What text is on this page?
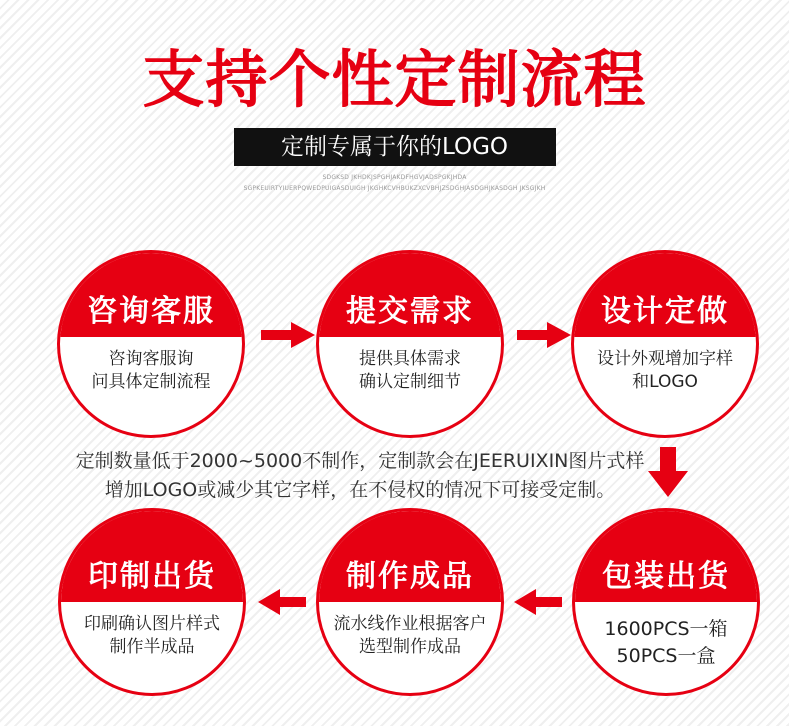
支持个性定制流程
定制专属于你的LOGO
SDGKSD JKHDKJSPGHJAKDFHGVJADSPGKJHDA
SGPKEUIRTYIUERPQWEDPUIGASDUIGH JKGHKCVHBUKZXCVBHJZSDGHJASDGHJKASDGH JKSGJKH
咨询客服
咨询客服询
问具体定制流程
提交需求
提供具体需求
确认定制细节
设计定做
设计外观增加字样
和LOGO
定制数量低于2000~5000不制作，定制款会在JEERUIXIN图片式样
增加LOGO或减少其它字样，在不侵权的情况下可接受定制。
印制出货
印刷确认图片样式
制作半成品
制作成品
流水线作业根据客户
选型制作成品
包装出货
1600PCS一箱
50PCS一盒
